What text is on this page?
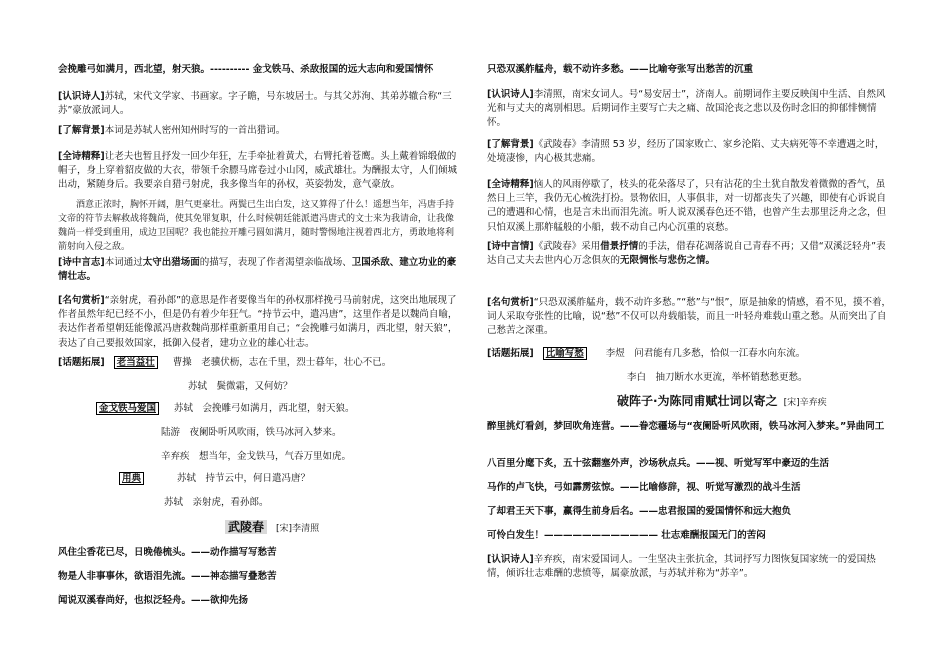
会挽雕弓如满月，西北望，射天狼。---------- 金戈铁马、杀敌报国的远大志向和爱国情怀

[认识诗人]苏轼，宋代文学家、书画家。字子瞻，号东坡居士。与其父苏洵、其弟苏辙合称“三苏”豪放派词人。

[了解背景]本词是苏轼人密州知州时写的一首出猎词。

[全诗精释]让老夫也暂且抒发一回少年狂，左手牵扯着黄犬，右臂托着苍鹰。头上戴着锦缎做的帽子，身上穿着貂皮做的大衣，带领千余膘马席卷过小山冈，威武雄壮。为酬报太守，人们倾城出动，紧随身后。我要亲自猎弓射虎，我多像当年的孙权，英姿勃发，意气豪放。

酒意正浓时，胸怀开阔，胆气更豪壮。两鬓已生出白发，这又算得了什么！遥想当年，冯唐手持文帝的符节去解救战将魏尚，使其免罪复职，什么时候朝廷能派遣冯唐式的文士来为我请命，让我像魏尚一样受到重用，成边卫国呢？我也能拉开雕弓圆如满月，随时警惕地注视着西北方，勇敢地将利箭射向入侵之敌。

[诗中言志]本词通过太守出猎场面的描写，表现了作者渴望亲临战场、卫国杀敌、建立功业的豪情壮志。

[名句赏析]“亲射虎，看孙郎”的意思是作者要像当年的孙权那样挽弓马前射虎，这突出地展现了作者虽然年纪已经不小，但是仍有着少年狂气。“持节云中，遣冯唐”，这里作者是以魏尚自喻，表达作者希望朝廷能像派冯唐救魏尚那样重新重用自己；“会挽雕弓如满月，西北望，射天狼”，表达了自己要报效国家，抵御入侵者，建功立业的雄心壮志。

[话题拓展] 老当益壮 曹操　老骥伏枥，志在千里，烈士暮年，壮心不已。
苏轼　鬓微霜，又何妨？
金戈铁马爱国 苏轼　会挽雕弓如满月，西北望，射天狼。
陆游　夜阑卧听风吹雨，铁马冰河入梦来。
辛弃疾　想当年，金戈铁马，气吞万里如虎。
用典	苏轼　持节云中，何日遣冯唐？
苏轼　亲射虎，看孙郎。
武陵春 [宋]李清照

风住尘香花已尽，日晚倦梳头。——动作描写写愁苦

物是人非事事休，欲语泪先流。——神态描写叠愁苦

闻说双溪春尚好，也拟泛轻舟。——欲抑先扬

只恐双溪舴艋舟，载不动许多愁。——比喻夸张写出愁苦的沉重

[认识诗人]李清照，南宋女词人。号“易安居士”，济南人。前期词作主要反映闺中生活、自然风光和与丈夫的离别相思。后期词作主要写亡夫之痛、故国沦丧之悲以及伤时念旧的抑郁悱恻情怀。

[了解背景]《武陵春》李清照 53 岁，经历了国家败亡、家乡沦陷、丈夫病死等不幸遭遇之时，处境凄惨，内心极其悲痛。

[全诗精释]恼人的风雨停歇了，枝头的花朵落尽了，只有沾花的尘土犹自散发着微微的香气，虽然日上三竿，我仍无心梳洗打扮。景物依旧，人事俱非，对一切都丧失了兴趣，即使有心诉说自己的遭遇和心情，也是言未出而泪先流。听人说双溪春色还不错，也曾产生去那里泛舟之念，但只怕双溪上那舴艋般的小船，载不动自己内心沉重的哀愁。

[诗中言情]《武陵春》采用借景抒情的手法，借春花凋落说自己青春不再；又借“双溪泛轻舟”表达自己丈夫去世内心万念俱灰的无限惆怅与悲伤之情。

[名句赏析]“只恐双溪舴艋舟，载不动许多愁。”“愁”与“恨”，原是抽象的情感，看不见，摸不着，词人采取夸张性的比喻，说“愁”不仅可以舟载船装，而且一叶轻舟难载山重之愁。从而突出了自己愁苦之深重。

[话题拓展] 比喻写愁 李煜　问君能有几多愁，恰似一江春水向东流。
李白　抽刀断水水更流，举杯销愁愁更愁。
破阵子·为陈同甫赋壮词以寄之 [宋]辛弃疾

醉里挑灯看剑，梦回吹角连营。——眷恋疆场与“夜阑卧听风吹雨，铁马冰河入梦来。”异曲同工

八百里分麾下炙，五十弦翻塞外声，沙场秋点兵。——视、听觉写军中豪迈的生活

马作的卢飞快，弓如霹雳弦惊。——比喻修辞，视、听觉写激烈的战斗生活

了却君王天下事，赢得生前身后名。——忠君报国的爱国情怀和远大抱负

可怜白发生！———————————— 壮志难酬报国无门的苦闷

[认识诗人]辛弃疾，南宋爱国词人。一生坚决主张抗金，其词抒写力图恢复国家统一的爱国热情，倾诉壮志难酬的悲愤等，属豪放派，与苏轼并称为“苏辛”。
